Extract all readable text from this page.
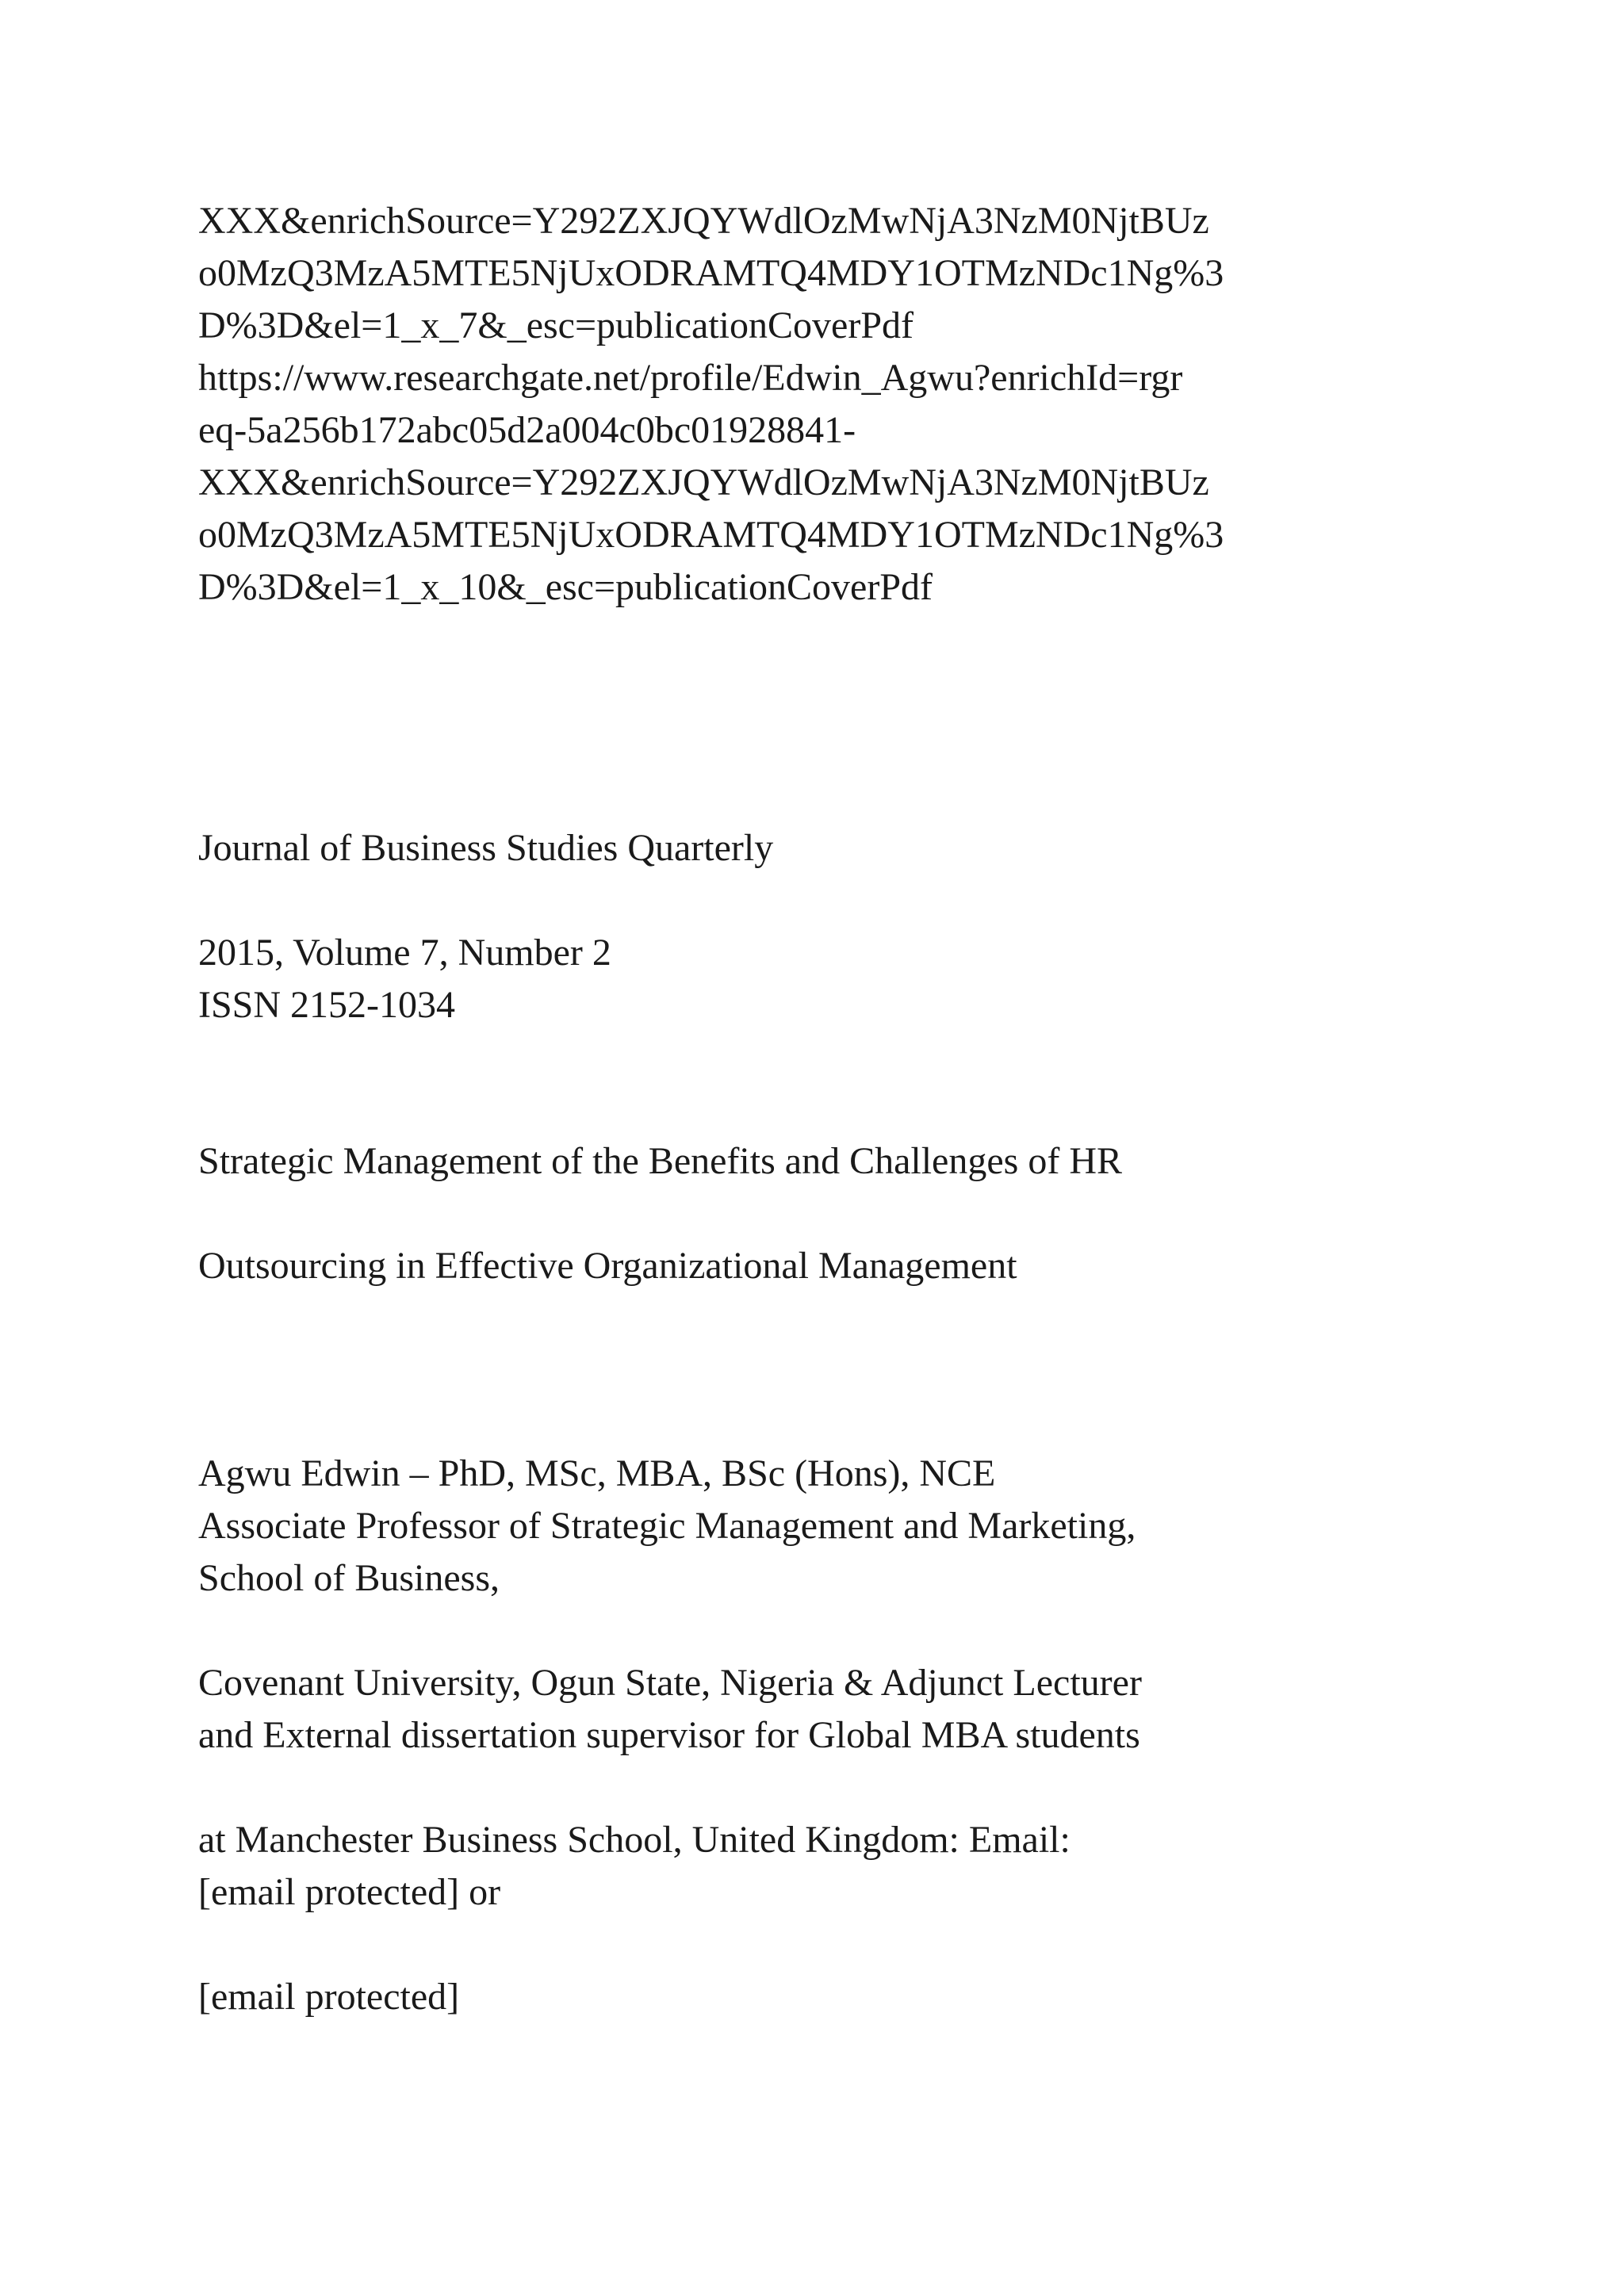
XXX&enrichSource=Y292ZXJQYWdlOzMwNjA3NzM0NjtBUz

o0MzQ3MzA5MTE5NjUxODRAMTQ4MDY1OTMzNDc1Ng%3

D%3D&el=1_x_7&_esc=publicationCoverPdf

https://www.researchgate.net/profile/Edwin_Agwu?enrichId=rgr

eq-5a256b172abc05d2a004c0bc01928841-

XXX&enrichSource=Y292ZXJQYWdlOzMwNjA3NzM0NjtBUz

o0MzQ3MzA5MTE5NjUxODRAMTQ4MDY1OTMzNDc1Ng%3

D%3D&el=1_x_10&_esc=publicationCoverPdf

Journal of Business Studies Quarterly

2015, Volume 7, Number 2

ISSN 2152-1034

Strategic Management of the Benefits and Challenges of HR

Outsourcing in Effective Organizational Management

Agwu Edwin – PhD, MSc, MBA, BSc (Hons), NCE

Associate Professor of Strategic Management and Marketing,

School of Business,

Covenant University, Ogun State, Nigeria & Adjunct Lecturer

and External dissertation supervisor for Global MBA students

at Manchester Business School, United Kingdom: Email:

[email protected] or

[email protected]
